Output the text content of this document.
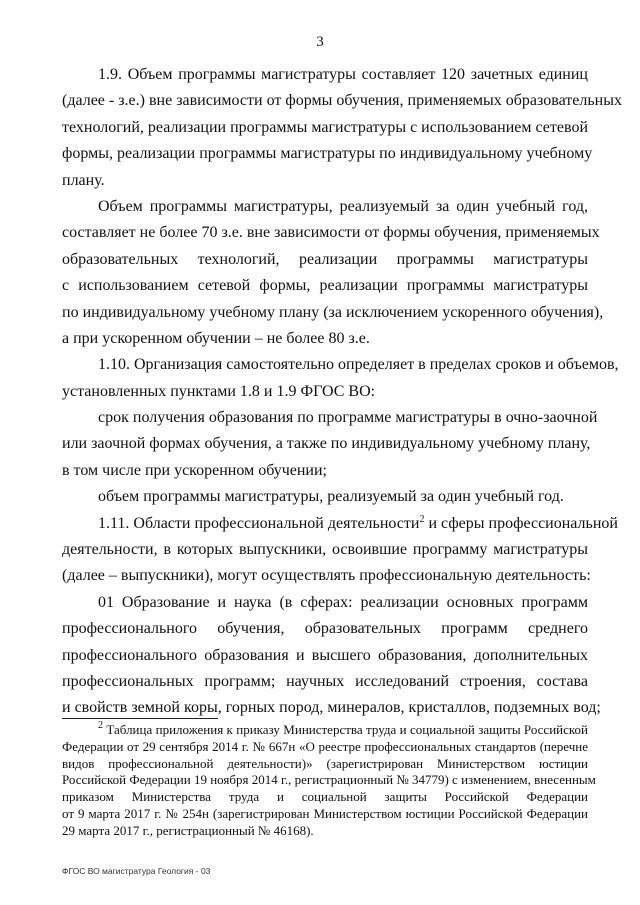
3
1.9. Объем программы магистратуры составляет 120 зачетных единиц
(далее - з.е.) вне зависимости от формы обучения, применяемых образовательных
технологий, реализации программы магистратуры с использованием сетевой
формы, реализации программы магистратуры по индивидуальному учебному
плану.
Объем программы магистратуры, реализуемый за один учебный год,
составляет не более 70 з.е. вне зависимости от формы обучения, применяемых
образовательных технологий, реализации программы магистратуры
с использованием сетевой формы, реализации программы магистратуры
по индивидуальному учебному плану (за исключением ускоренного обучения),
а при ускоренном обучении – не более 80 з.е.
1.10. Организация самостоятельно определяет в пределах сроков и объемов,
установленных пунктами 1.8 и 1.9 ФГОС ВО:
срок получения образования по программе магистратуры в очно-заочной
или заочной формах обучения, а также по индивидуальному учебному плану,
в том числе при ускоренном обучении;
объем программы магистратуры, реализуемый за один учебный год.
1.11. Области профессиональной деятельности$^2$ и сферы профессиональной
деятельности, в которых выпускники, освоившие программу магистратуры
(далее – выпускники), могут осуществлять профессиональную деятельность:
01 Образование и наука (в сферах: реализации основных программ
профессионального обучения, образовательных программ среднего
профессионального образования и высшего образования, дополнительных
профессиональных программ; научных исследований строения, состава
и свойств земной коры, горных пород, минералов, кристаллов, подземных вод;
$^2$ Таблица приложения к приказу Министерства труда и социальной защиты Российской
Федерации от 29 сентября 2014 г. № 667н «О реестре профессиональных стандартов (перечне
видов профессиональной деятельности)» (зарегистрирован Министерством юстиции
Российской Федерации 19 ноября 2014 г., регистрационный № 34779) с изменением, внесенным
приказом Министерства труда и социальной защиты Российской Федерации
от 9 марта 2017 г. № 254н (зарегистрирован Министерством юстиции Российской Федерации
29 марта 2017 г., регистрационный № 46168).
ФГОС ВО магистратура Геология - 03
